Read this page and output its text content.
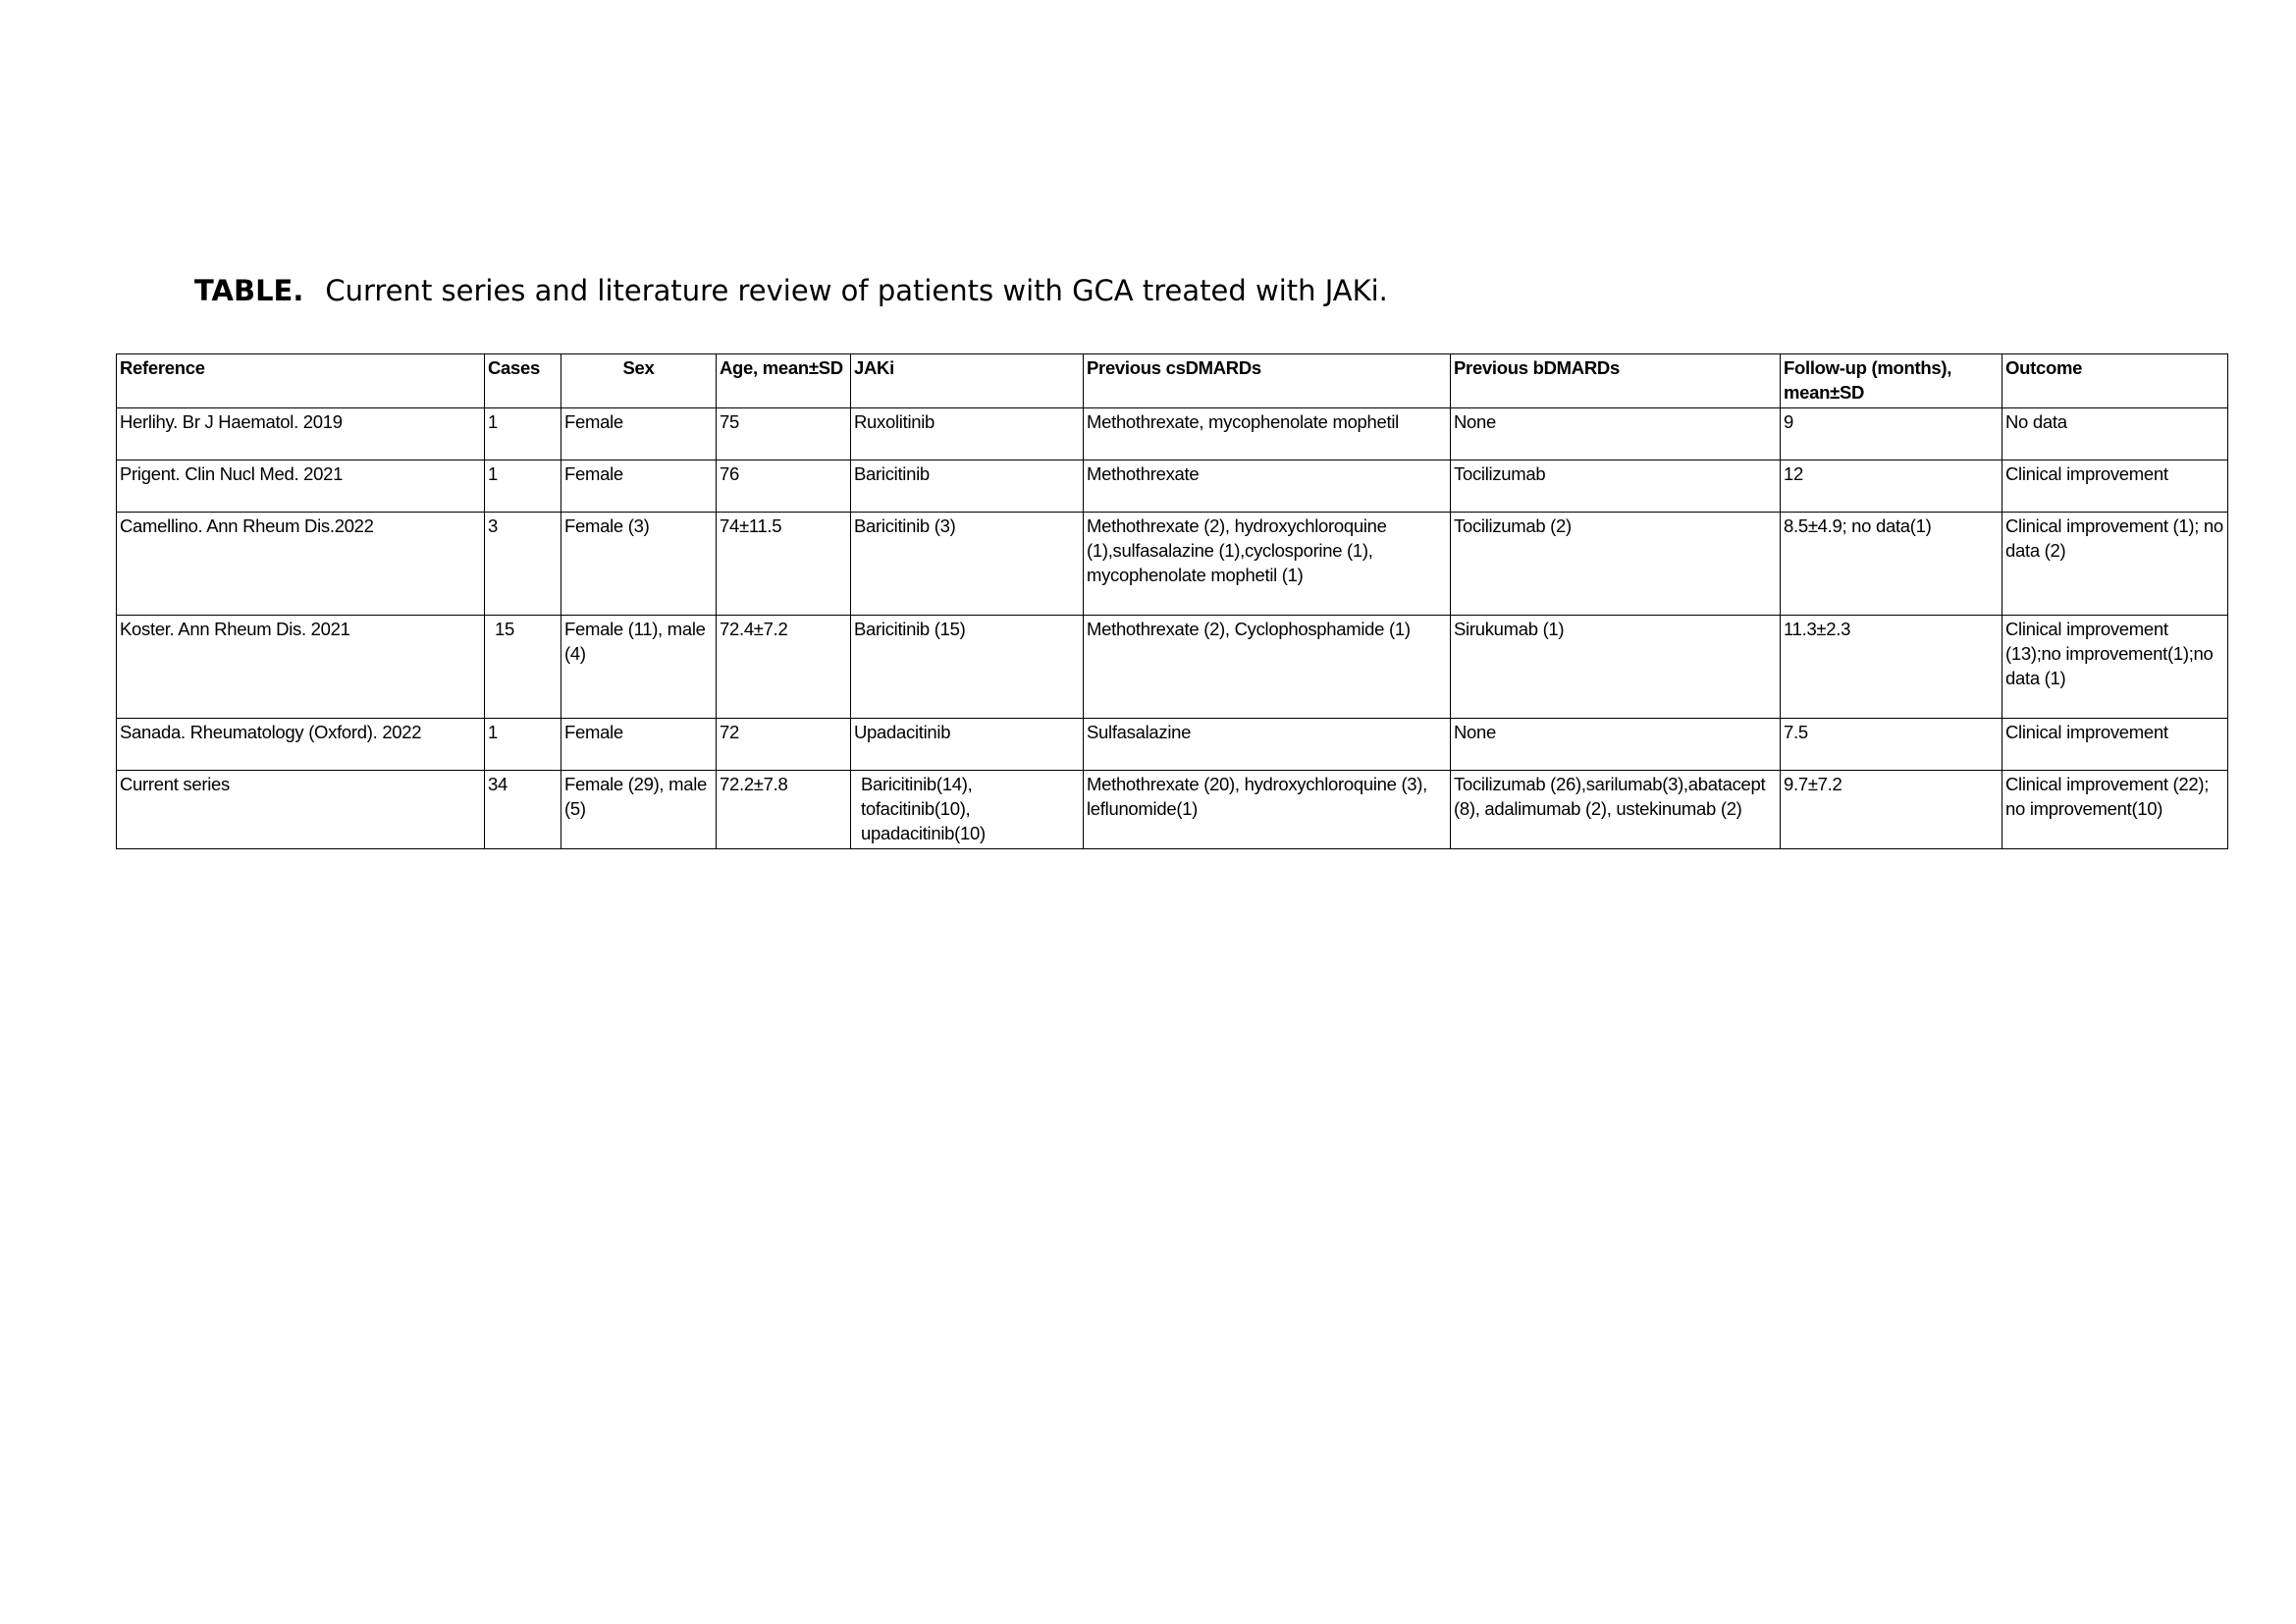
TABLE. Current series and literature review of patients with GCA treated with JAKi.
Reference	Cases	Sex	Age, mean±SD	JAKi	Previous csDMARDs	Previous bDMARDs	Follow-up (months), mean±SD	Outcome
Herlihy. Br J Haematol. 2019	1	Female	75	Ruxolitinib	Methothrexate, mycophenolate mophetil	None	9	No data
Prigent. Clin Nucl Med. 2021	1	Female	76	Baricitinib	Methothrexate	Tocilizumab	12	Clinical improvement
Camellino. Ann Rheum Dis.2022	3	Female (3)	74±11.5	Baricitinib (3)	Methothrexate (2), hydroxychloroquine (1),sulfasalazine (1),cyclosporine (1), mycophenolate mophetil (1)	Tocilizumab (2)	8.5±4.9; no data(1)	Clinical improvement (1); no data (2)
Koster. Ann Rheum Dis. 2021	15	Female (11), male (4)	72.4±7.2	Baricitinib (15)	Methothrexate (2), Cyclophosphamide (1)	Sirukumab (1)	11.3±2.3	Clinical improvement (13);no improvement(1);no data (1)
Sanada. Rheumatology (Oxford). 2022	1	Female	72	Upadacitinib	Sulfasalazine	None	7.5	Clinical improvement
Current series	34	Female (29), male (5)	72.2±7.8	Baricitinib(14), tofacitinib(10), upadacitinib(10)	Methothrexate (20), hydroxychloroquine (3), leflunomide(1)	Tocilizumab (26),sarilumab(3),abatacept (8), adalimumab (2), ustekinumab (2)	9.7±7.2	Clinical improvement (22); no improvement(10)
